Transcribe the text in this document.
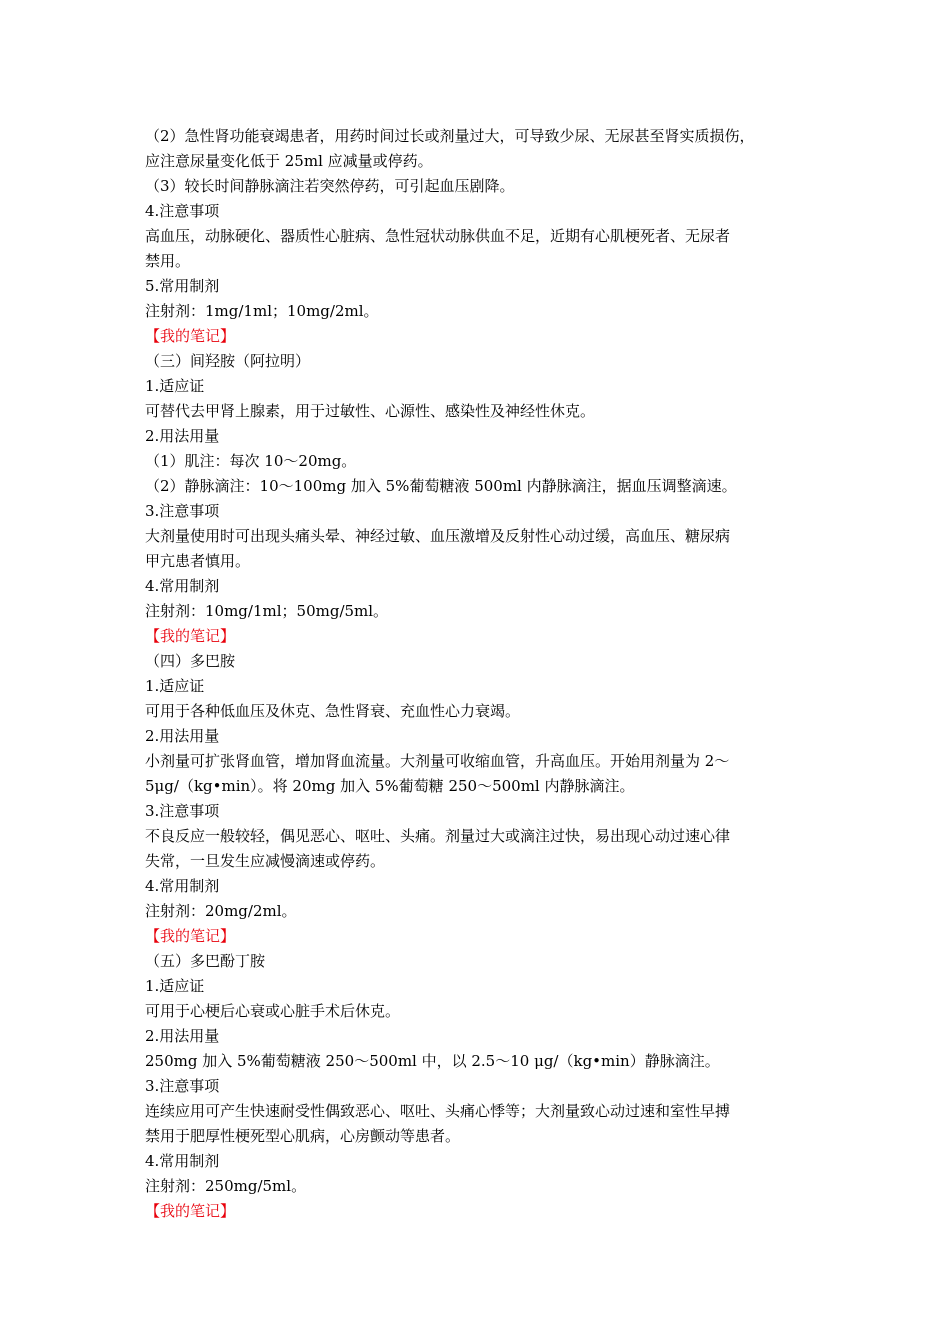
（2）急性肾功能衰竭患者，用药时间过长或剂量过大，可导致少尿、无尿甚至肾实质损伤，
应注意尿量变化低于 25ml 应减量或停药。
（3）较长时间静脉滴注若突然停药，可引起血压剧降。
4.注意事项
高血压，动脉硬化、器质性心脏病、急性冠状动脉供血不足，近期有心肌梗死者、无尿者
禁用。
5.常用制剂
注射剂：1mg/1ml；10mg/2ml。
【我的笔记】
（三）间羟胺（阿拉明）
1.适应证
可替代去甲肾上腺素，用于过敏性、心源性、感染性及神经性休克。
2.用法用量
（1）肌注：每次 10～20mg。
（2）静脉滴注：10～100mg 加入 5%葡萄糖液 500ml 内静脉滴注，据血压调整滴速。
3.注意事项
大剂量使用时可出现头痛头晕、神经过敏、血压激增及反射性心动过缓，高血压、糖尿病
甲亢患者慎用。
4.常用制剂
注射剂：10mg/1ml；50mg/5ml。
【我的笔记】
（四）多巴胺
1.适应证
可用于各种低血压及休克、急性肾衰、充血性心力衰竭。
2.用法用量
小剂量可扩张肾血管，增加肾血流量。大剂量可收缩血管，升高血压。开始用剂量为 2～
5μg/（kg•min）。将 20mg 加入 5%葡萄糖 250～500ml 内静脉滴注。
3.注意事项
不良反应一般较轻，偶见恶心、呕吐、头痛。剂量过大或滴注过快，易出现心动过速心律
失常，一旦发生应减慢滴速或停药。
4.常用制剂
注射剂：20mg/2ml。
【我的笔记】
（五）多巴酚丁胺
1.适应证
可用于心梗后心衰或心脏手术后休克。
2.用法用量
250mg 加入 5%葡萄糖液 250～500ml 中，以 2.5～10 μg/（kg•min）静脉滴注。
3.注意事项
连续应用可产生快速耐受性偶致恶心、呕吐、头痛心悸等；大剂量致心动过速和室性早搏
禁用于肥厚性梗死型心肌病，心房颤动等患者。
4.常用制剂
注射剂：250mg/5ml。
【我的笔记】
